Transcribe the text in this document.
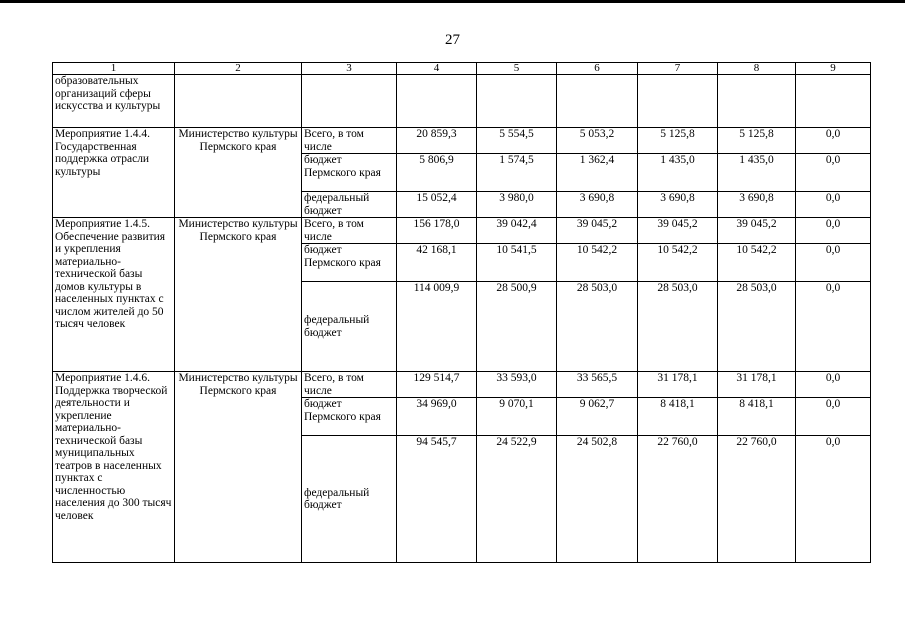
27
1	2	3	4	5	6	7	8	9
образовательных организаций сферы искусства и культуры								
Мероприятие 1.4.4. Государственная поддержка отрасли культуры	Министерство культуры Пермского края	Всего, в том числе	20 859,3	5 554,5	5 053,2	5 125,8	5 125,8	0,0
		бюджет Пермского края	5 806,9	1 574,5	1 362,4	1 435,0	1 435,0	0,0
		федеральный бюджет	15 052,4	3 980,0	3 690,8	3 690,8	3 690,8	0,0
Мероприятие 1.4.5. Обеспечение развития и укрепления материально-технической базы домов культуры в населенных пунктах с числом жителей до 50 тысяч человек	Министерство культуры Пермского края	Всего, в том числе	156 178,0	39 042,4	39 045,2	39 045,2	39 045,2	0,0
		бюджет Пермского края	42 168,1	10 541,5	10 542,2	10 542,2	10 542,2	0,0
		федеральный бюджет	114 009,9	28 500,9	28 503,0	28 503,0	28 503,0	0,0
Мероприятие 1.4.6. Поддержка творческой деятельности и укрепление материально-технической базы муниципальных театров в населенных пунктах с численностью населения до 300 тысяч человек	Министерство культуры Пермского края	Всего, в том числе	129 514,7	33 593,0	33 565,5	31 178,1	31 178,1	0,0
		бюджет Пермского края	34 969,0	9 070,1	9 062,7	8 418,1	8 418,1	0,0
		федеральный бюджет	94 545,7	24 522,9	24 502,8	22 760,0	22 760,0	0,0
